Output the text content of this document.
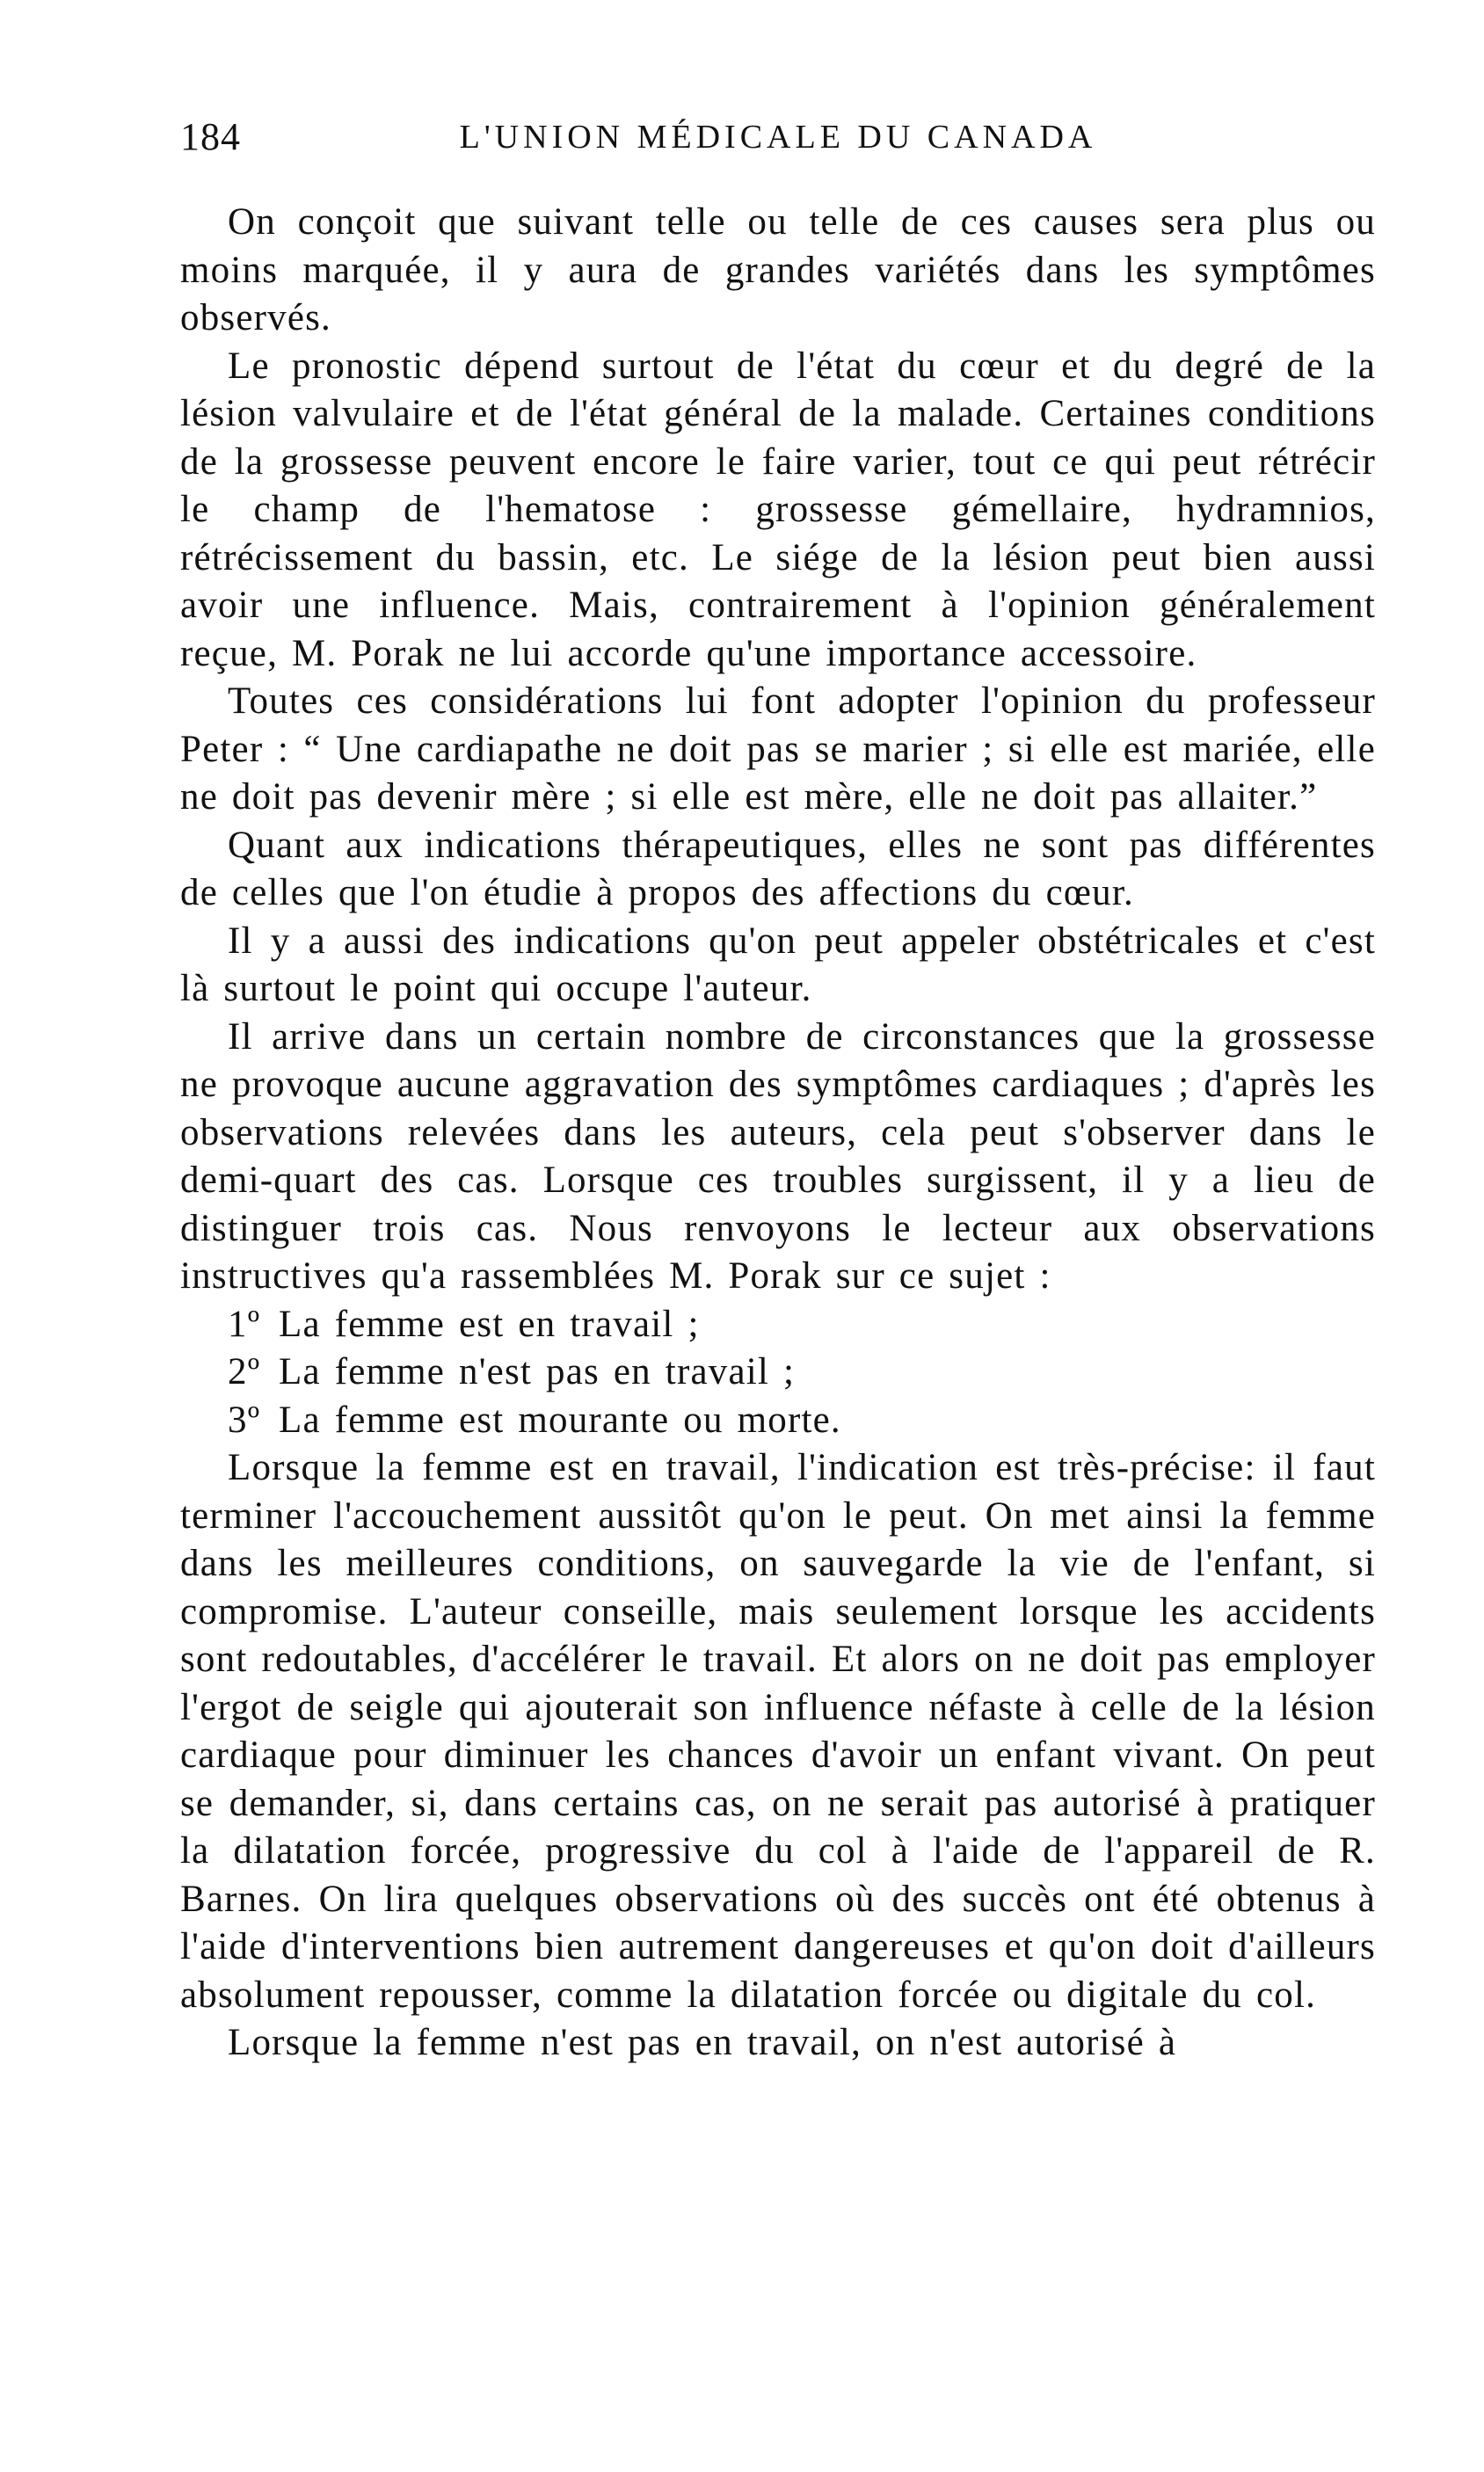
184	L'UNION MÉDICALE DU CANADA

On conçoit que suivant telle ou telle de ces causes sera plus ou moins marquée, il y aura de grandes variétés dans les symptômes observés.

Le pronostic dépend surtout de l'état du cœur et du degré de la lésion valvulaire et de l'état général de la malade. Certaines conditions de la grossesse peuvent encore le faire varier, tout ce qui peut rétrécir le champ de l'hematose : grossesse gémellaire, hydramnios, rétrécissement du bassin, etc. Le siége de la lésion peut bien aussi avoir une influence. Mais, contrairement à l'opinion généralement reçue, M. Porak ne lui accorde qu'une importance accessoire.

Toutes ces considérations lui font adopter l'opinion du professeur Peter : “ Une cardiapathe ne doit pas se marier ; si elle est mariée, elle ne doit pas devenir mère ; si elle est mère, elle ne doit pas allaiter.”

Quant aux indications thérapeutiques, elles ne sont pas différentes de celles que l'on étudie à propos des affections du cœur.

Il y a aussi des indications qu'on peut appeler obstétricales et c'est là surtout le point qui occupe l'auteur.

Il arrive dans un certain nombre de circonstances que la grossesse ne provoque aucune aggravation des symptômes cardiaques ; d'après les observations relevées dans les auteurs, cela peut s'observer dans le demi-quart des cas. Lorsque ces troubles surgissent, il y a lieu de distinguer trois cas. Nous renvoyons le lecteur aux observations instructives qu'a rassemblées M. Porak sur ce sujet :

1º La femme est en travail ;
2º La femme n'est pas en travail ;
3º La femme est mourante ou morte.

Lorsque la femme est en travail, l'indication est très-précise: il faut terminer l'accouchement aussitôt qu'on le peut. On met ainsi la femme dans les meilleures conditions, on sauvegarde la vie de l'enfant, si compromise. L'auteur conseille, mais seulement lorsque les accidents sont redoutables, d'accélérer le travail. Et alors on ne doit pas employer l'ergot de seigle qui ajouterait son influence néfaste à celle de la lésion cardiaque pour diminuer les chances d'avoir un enfant vivant. On peut se demander, si, dans certains cas, on ne serait pas autorisé à pratiquer la dilatation forcée, progressive du col à l'aide de l'appareil de R. Barnes. On lira quelques observations où des succès ont été obtenus à l'aide d'interventions bien autrement dangereuses et qu'on doit d'ailleurs absolument repousser, comme la dilatation forcée ou digitale du col.

Lorsque la femme n'est pas en travail, on n'est autorisé à
